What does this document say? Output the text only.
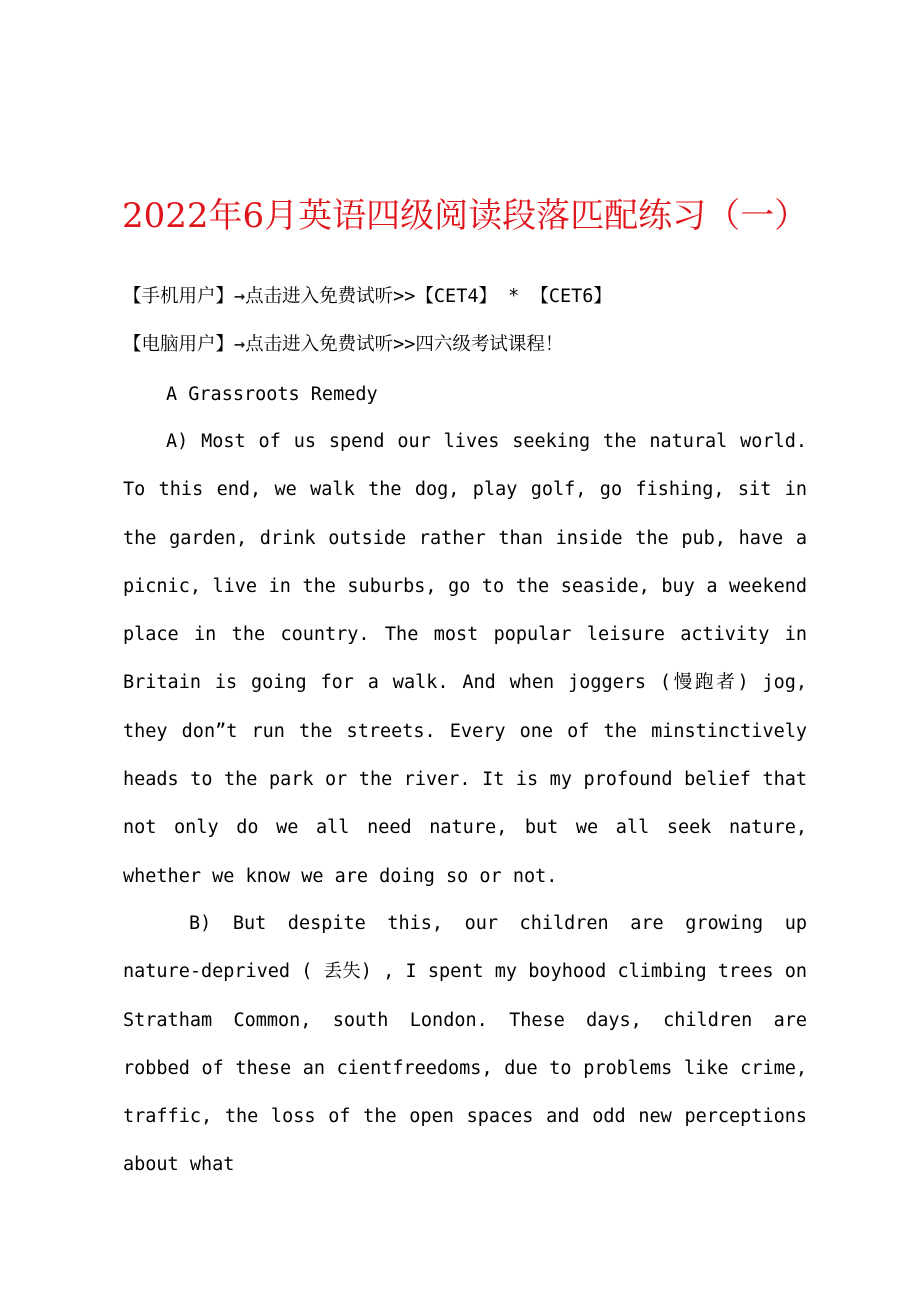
2022年6月英语四级阅读段落匹配练习（一）

【手机用户】→点击进入免费试听>>【CET4】 * 【CET6】

【电脑用户】→点击进入免费试听>>四六级考试课程！

A Grassroots Remedy

A) Most of us spend our lives seeking the natural world. To this end, we walk the dog, play golf, go fishing, sit in the garden, drink outside rather than inside the pub, have a picnic, live in the suburbs, go to the seaside, buy a weekend place in the country. The most popular leisure activity in Britain is going for a walk. And when joggers (慢跑者) jog, they don”t run the streets. Every one of the minstinctively heads to the park or the river. It is my profound belief that not only do we all need nature, but we all seek nature, whether we know we are doing so or not.

B) But despite this, our children are growing up nature-deprived ( 丢失) , I spent my boyhood climbing trees on Stratham Common, south London. These days, children are robbed of these an cientfreedoms, due to problems like crime, traffic, the loss of the open spaces and odd new perceptions about what
